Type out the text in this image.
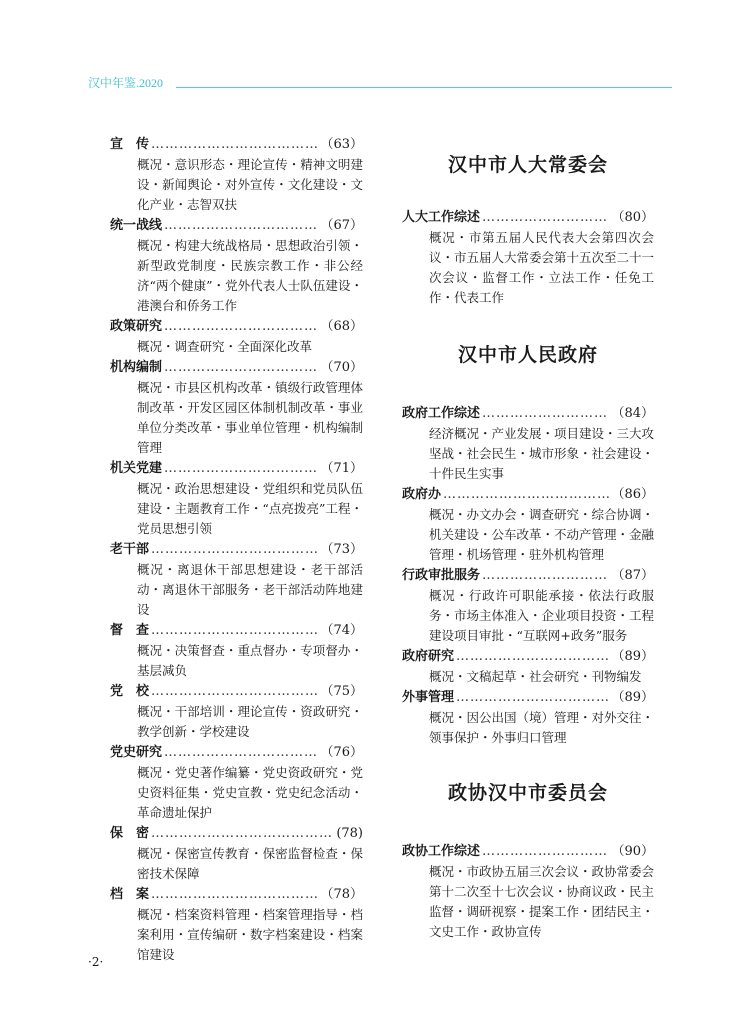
汉中年鉴.2020
宣　传 ……………………………………………………………………………………………………	（63）

概况・意识形态・理论宣传・精神文明建设・新闻舆论・对外宣传・文化建设・文化产业・志智双扶

统一战线 ……………………………………………………………………………………………………	（67）

概况・构建大统战格局・思想政治引领・新型政党制度・民族宗教工作・非公经济“两个健康”・党外代表人士队伍建设・港澳台和侨务工作

政策研究 ……………………………………………………………………………………………………	（68）

概况・调查研究・全面深化改革

机构编制 ……………………………………………………………………………………………………	（70）

概况・市县区机构改革・镇级行政管理体制改革・开发区园区体制机制改革・事业单位分类改革・事业单位管理・机构编制管理

机关党建 ……………………………………………………………………………………………………	（71）

概况・政治思想建设・党组织和党员队伍建设・主题教育工作・“点亮拨亮”工程・党员思想引领

老干部 ……………………………………………………………………………………………………	（73）

概况・离退休干部思想建设・老干部活动・离退休干部服务・老干部活动阵地建设

督　查 ……………………………………………………………………………………………………	（74）

概况・决策督查・重点督办・专项督办・基层减负

党　校 ……………………………………………………………………………………………………	（75）

概况・干部培训・理论宣传・资政研究・教学创新・学校建设

党史研究 ……………………………………………………………………………………………………	（76）

概况・党史著作编纂・党史资政研究・党史资料征集・党史宣教・党史纪念活动・革命遗址保护

保　密 ……………………………………………………………………………………………………	(78)

概况・保密宣传教育・保密监督检查・保密技术保障

档　案 ……………………………………………………………………………………………………	（78）

概况・档案资料管理・档案管理指导・档案利用・宣传编研・数字档案建设・档案馆建设

汉中市人大常委会
人大工作综述 ……………………………………………………………………………………………………	（80）

概况・市第五届人民代表大会第四次会议・市五届人大常委会第十五次至二十一次会议・监督工作・立法工作・任免工作・代表工作

汉中市人民政府
政府工作综述 ……………………………………………………………………………………………………	（84）

经济概况・产业发展・项目建设・三大攻坚战・社会民生・城市形象・社会建设・十件民生实事

政府办 ……………………………………………………………………………………………………	（86）

概况・办文办会・调查研究・综合协调・机关建设・公车改革・不动产管理・金融管理・机场管理・驻外机构管理

行政审批服务 ……………………………………………………………………………………………………	（87）

概况・行政许可职能承接・依法行政服务・市场主体准入・企业项目投资・工程建设项目审批・“互联网+政务”服务

政府研究 ……………………………………………………………………………………………………	（89）

概况・文稿起草・社会研究・刊物编发

外事管理 ……………………………………………………………………………………………………	（89）

概况・因公出国（境）管理・对外交往・领事保护・外事归口管理

政协汉中市委员会
政协工作综述 ……………………………………………………………………………………………………	（90）

概况・市政协五届三次会议・政协常委会第十二次至十七次会议・协商议政・民主监督・调研视察・提案工作・团结民主・文史工作・政协宣传

·2·
